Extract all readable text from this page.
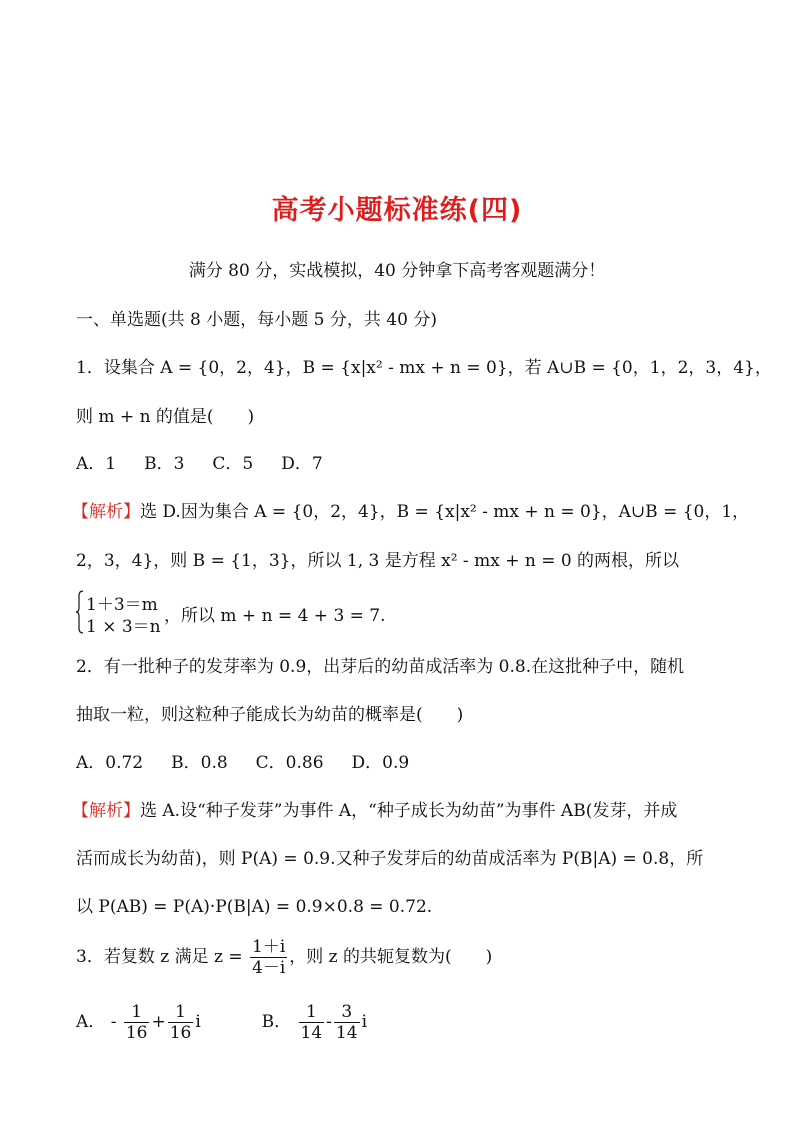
高考小题标准练(四)
满分 80 分，实战模拟，40 分钟拿下高考客观题满分！
一、单选题(共 8 小题，每小题 5 分，共 40 分)
1．设集合 A = {0，2，4}，B = {x|x² - mx + n = 0}，若 A∪B = {0，1，2，3，4}，
则 m + n 的值是(　　)
A．1 B．3 C．5 D．7
【解析】选 D.因为集合 A = {0，2，4}，B = {x|x² - mx + n = 0}，A∪B = {0，1，
2，3，4}，则 B = {1，3}，所以 1, 3 是方程 x² - mx + n = 0 的两根，所以
1＋3＝m
1 × 3＝n
，所以 m + n = 4 + 3 = 7.
2．有一批种子的发芽率为 0.9，出芽后的幼苗成活率为 0.8.在这批种子中，随机
抽取一粒，则这粒种子能成长为幼苗的概率是(　　)
A．0.72 B．0.8 C．0.86 D．0.9
【解析】选 A.设“种子发芽”为事件 A，“种子成长为幼苗”为事件 AB(发芽，并成
活而成长为幼苗)，则 P(A) = 0.9.又种子发芽后的幼苗成活率为 P(B|A) = 0.8，所
以 P(AB) = P(A)·P(B|A) = 0.9×0.8 = 0.72.
3．若复数 z 满足 $z = \frac{1+i}{4-i}$ ，则 z 的共轭复数为(　　)
A． - $\frac{1}{16} + \frac{1}{16}$ i	B． $\frac{1}{14} - \frac{3}{14}$ i
